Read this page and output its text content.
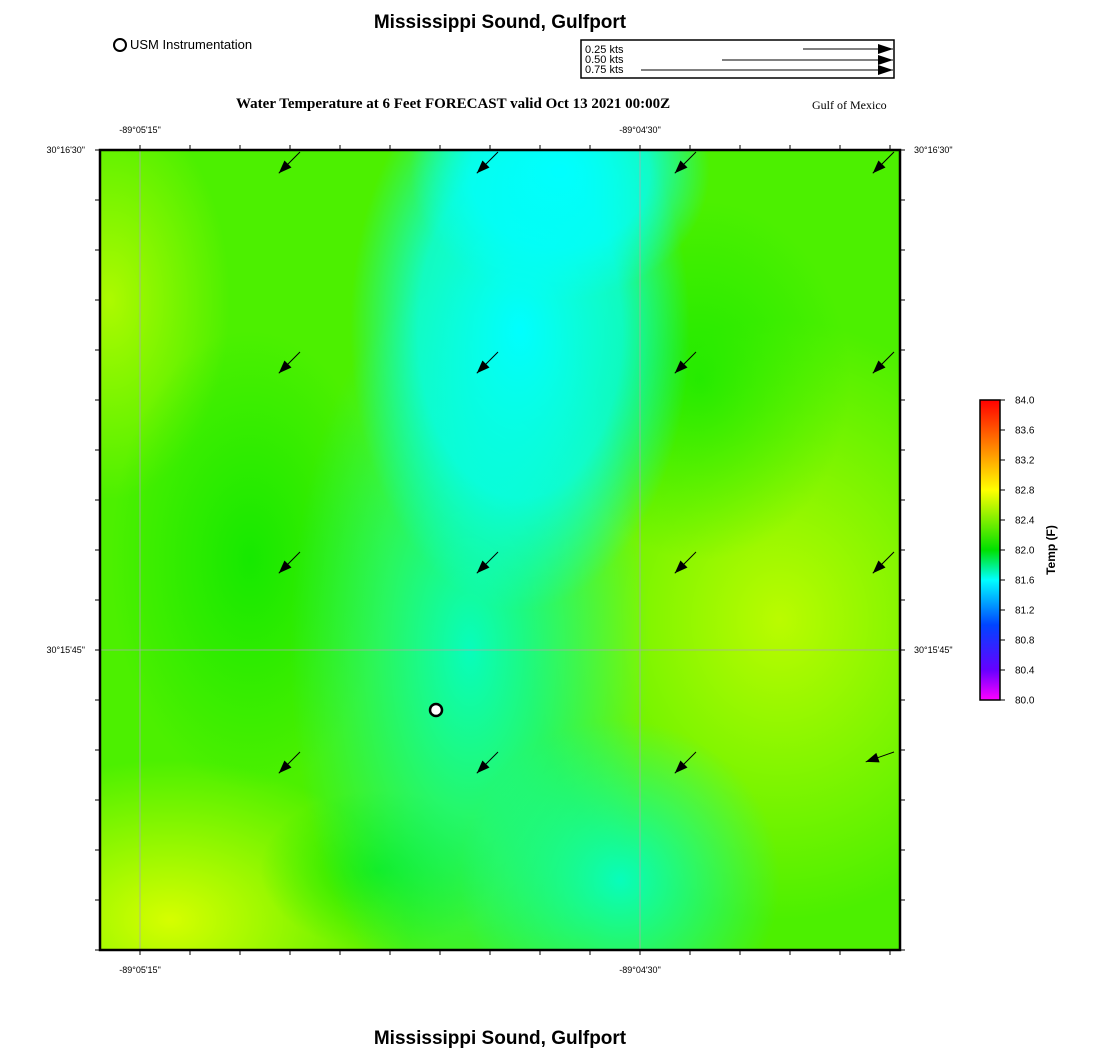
Mississippi Sound, Gulfport
USM Instrumentation
Water Temperature at 6 Feet FORECAST valid Oct 13 2021 00:00Z	Gulf of Mexico
0.25 kts
0.50 kts
0.75 kts
-89°05'15"	-89°04'30"
-89°05'15"	-89°04'30"
30°16'30"
30°15'45"
30°16'30"
30°15'45"
84.0
83.6
83.2
82.8
82.4
82.0
81.6
81.2
80.8
80.4
80.0
Temp (F)
Mississippi Sound, Gulfport
